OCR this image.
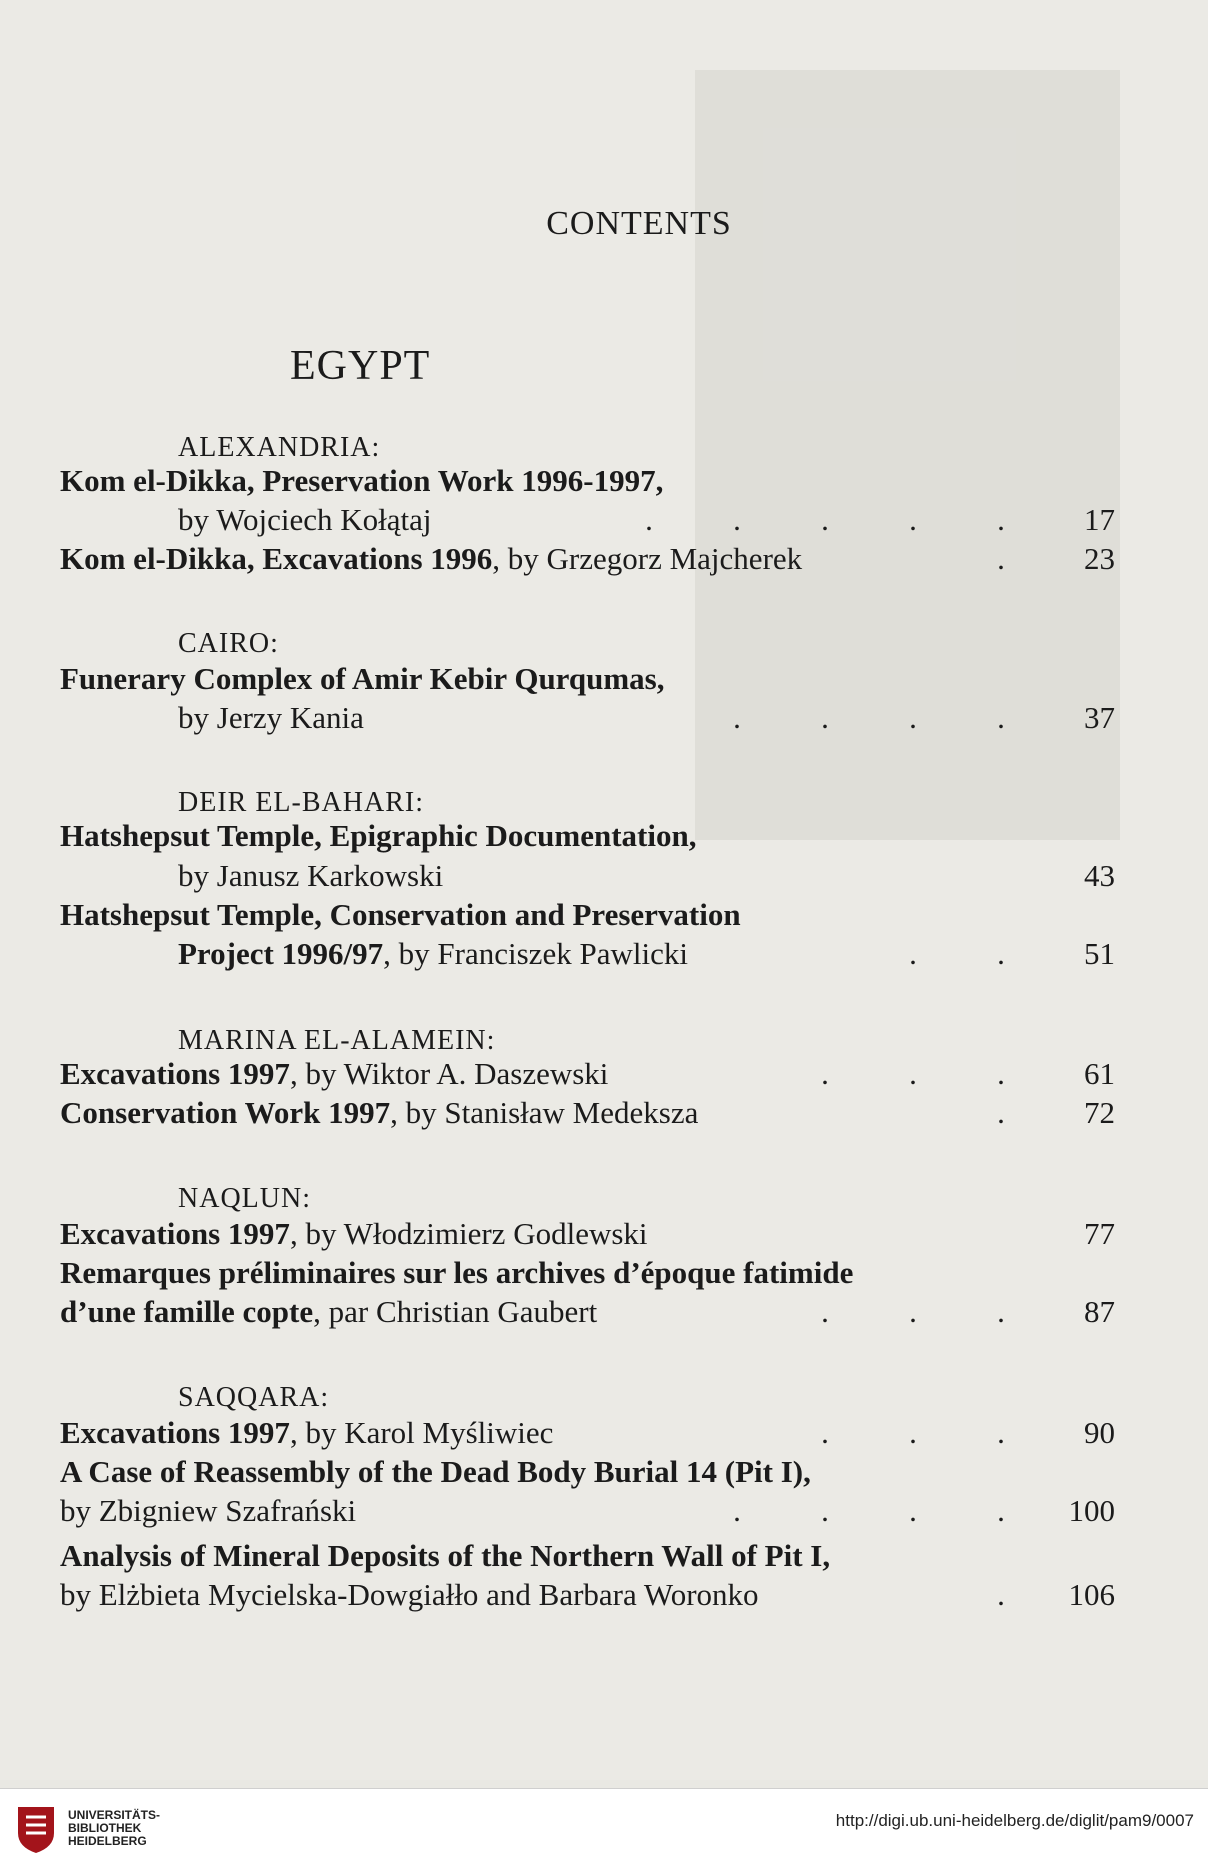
CONTENTS
EGYPT
ALEXANDRIA:
Kom el-Dikka, Preservation Work 1996-1997,
by Wojciech Kołątaj	.	.	.	.	.	17
Kom el-Dikka, Excavations 1996, by Grzegorz Majcherek	.	23
CAIRO:
Funerary Complex of Amir Kebir Qurqumas,
by Jerzy Kania	.	.	.	.	37
DEIR EL-BAHARI:
Hatshepsut Temple, Epigraphic Documentation,
by Janusz Karkowski	43
Hatshepsut Temple, Conservation and Preservation
Project 1996/97, by Franciszek Pawlicki	.	.	51
MARINA EL-ALAMEIN:
Excavations 1997, by Wiktor A. Daszewski	.	.	.	61
Conservation Work 1997, by Stanisław Medeksza	.	72
NAQLUN:
Excavations 1997, by Włodzimierz Godlewski	77
Remarques préliminaires sur les archives d’époque fatimide
d’une famille copte, par Christian Gaubert	.	.	.	87
SAQQARA:
Excavations 1997, by Karol Myśliwiec	.	.	.	90
A Case of Reassembly of the Dead Body Burial 14 (Pit I),
by Zbigniew Szafrański	.	.	.	.	100
Analysis of Mineral Deposits of the Northern Wall of Pit I,
by Elżbieta Mycielska-Dowgiałło and Barbara Woronko	.	106
UNIVERSITÄTS-
BIBLIOTHEK
HEIDELBERG
http://digi.ub.uni-heidelberg.de/diglit/pam9/0007
